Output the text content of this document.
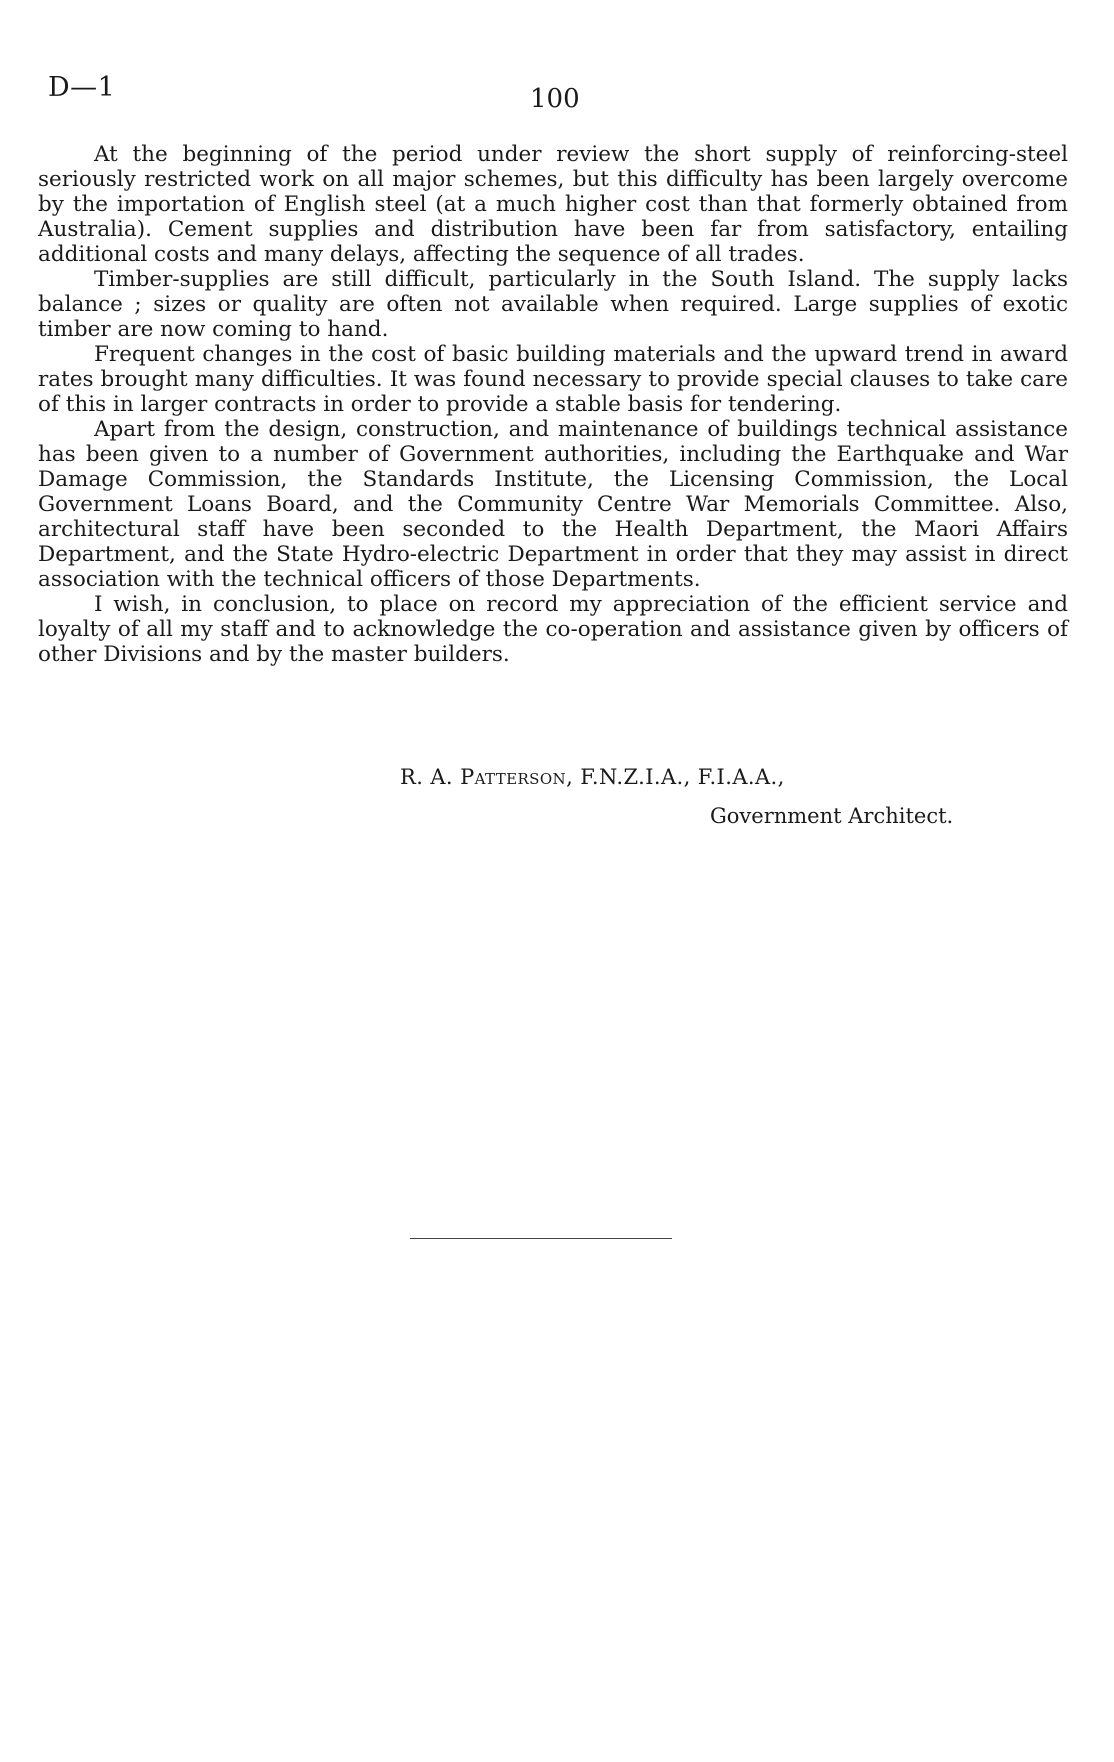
D—1	100

At the beginning of the period under review the short supply of reinforcing-steel seriously restricted work on all major schemes, but this difficulty has been largely overcome by the importation of English steel (at a much higher cost than that formerly obtained from Australia). Cement supplies and distribution have been far from satisfactory, entailing additional costs and many delays, affecting the sequence of all trades.

Timber-supplies are still difficult, particularly in the South Island. The supply lacks balance ; sizes or quality are often not available when required. Large supplies of exotic timber are now coming to hand.

Frequent changes in the cost of basic building materials and the upward trend in award rates brought many difficulties. It was found necessary to provide special clauses to take care of this in larger contracts in order to provide a stable basis for tendering.

Apart from the design, construction, and maintenance of buildings technical assistance has been given to a number of Government authorities, including the Earthquake and War Damage Commission, the Standards Institute, the Licensing Commission, the Local Government Loans Board, and the Community Centre War Memorials Committee. Also, architectural staff have been seconded to the Health Department, the Maori Affairs Department, and the State Hydro-electric Department in order that they may assist in direct association with the technical officers of those Departments.

I wish, in conclusion, to place on record my appreciation of the efficient service and loyalty of all my staff and to acknowledge the co-operation and assistance given by officers of other Divisions and by the master builders.

R. A. Patterson, F.N.Z.I.A., F.I.A.A.,
Government Architect.
